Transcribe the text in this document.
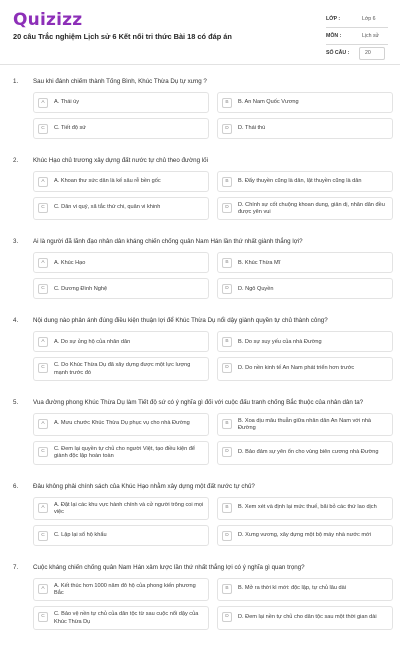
Quizizz
20 câu Trắc nghiệm Lịch sử 6 Kết nối tri thức Bài 18 có đáp án
LỚP :	Lớp 6
MÔN :	Lịch sử
SỐ CÂU :	20
1. Sau khi đánh chiếm thành Tống Bình, Khúc Thừa Dụ tự xưng ?
A	A. Thái úy	B	B. An Nam Quốc Vương
C	C. Tiết độ sứ	D	D. Thái thú
2. Khúc Hạo chủ trương xây dựng đất nước tự chủ theo đường lối
A	A. Khoan thư sức dân là kế sâu rễ bền gốc	B	B. Đẩy thuyền cũng là dân, lật thuyền cũng là dân
C	C. Dân vi quý, xã tắc thứ chi, quân vi khinh	D	D. Chính sự cốt chuộng khoan dung, giản dị, nhân dân đều được yên vui
3. Ai là người đã lãnh đạo nhân dân kháng chiến chống quân Nam Hán lần thứ nhất giành thắng lợi?
A	A. Khúc Hạo	B	B. Khúc Thừa Mĩ
C	C. Dương Đình Nghệ	D	D. Ngô Quyền
4. Nội dung nào phản ánh đúng điều kiện thuận lợi để Khúc Thừa Dụ nổi dậy giành quyền tự chủ thành công?
A	A. Do sự ủng hộ của nhân dân	B	B. Do sự suy yếu của nhà Đường
C	C. Do Khúc Thừa Dụ đã xây dựng được một lực lượng mạnh trước đó
D	D. Do nền kinh tế An Nam phát triển hơn trước
5. Vua đường phong Khúc Thừa Dụ làm Tiết độ sứ có ý nghĩa gì đối với cuộc đấu tranh chống Bắc thuộc của nhân dân ta?
A	A. Mưu chước Khúc Thừa Dụ phục vụ cho nhà Đường	B	B. Xoa dịu mâu thuẫn giữa nhân dân An Nam với nhà Đường
C	C. Đem lại quyền tự chủ cho người Việt, tạo điều kiện để giành độc lập hoàn toàn
D	D. Bảo đảm sự yên ổn cho vùng biên cương nhà Đường
6. Đâu không phải chính sách của Khúc Hạo nhằm xây dựng một đất nước tự chủ?
A	A. Đặt lại các khu vực hành chính và cử người trông coi mọi việc
B	B. Xem xét và định lại mức thuế, bãi bỏ các thứ lao dịch
C	C. Lập lại sổ hộ khẩu	D	D. Xưng vương, xây dựng một bộ máy nhà nước mới
7. Cuộc kháng chiến chống quân Nam Hán xâm lược lần thứ nhất thắng lợi có ý nghĩa gì quan trọng?
A	A. Kết thúc hơn 1000 năm đô hộ của phong kiến phương Bắc
B	B. Mở ra thời kì mới: độc lập, tự chủ lâu dài
C	C. Bảo vệ nền tự chủ của dân tộc từ sau cuộc nổi dậy của Khúc Thừa Dụ
D	D. Đem lại nền tự chủ cho dân tộc sau một thời gian dài
